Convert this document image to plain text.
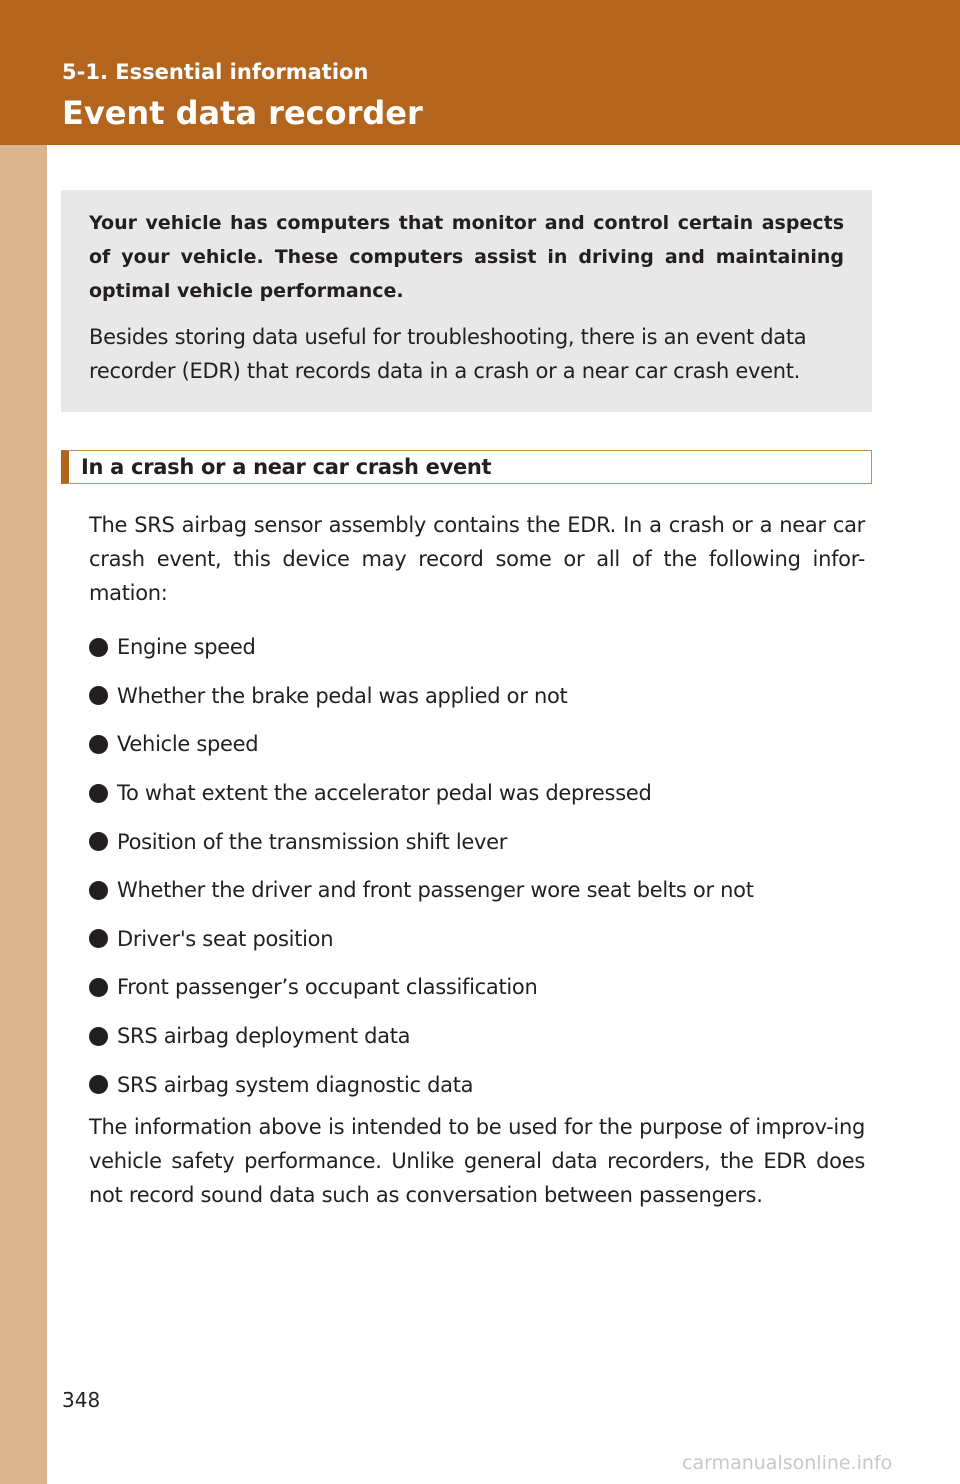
5-1. Essential information
Event data recorder

Your vehicle has computers that monitor and control certain aspects of your vehicle. These computers assist in driving and maintaining optimal vehicle performance.

Besides storing data useful for troubleshooting, there is an event data recorder (EDR) that records data in a crash or a near car crash event.

In a crash or a near car crash event

The SRS airbag sensor assembly contains the EDR. In a crash or a near car crash event, this device may record some or all of the following infor-mation:

Engine speed
Whether the brake pedal was applied or not
Vehicle speed
To what extent the accelerator pedal was depressed
Position of the transmission shift lever
Whether the driver and front passenger wore seat belts or not
Driver's seat position
Front passenger’s occupant classification
SRS airbag deployment data
SRS airbag system diagnostic data

The information above is intended to be used for the purpose of improv-ing vehicle safety performance. Unlike general data recorders, the EDR does not record sound data such as conversation between passengers.

348
carmanualsonline.info
